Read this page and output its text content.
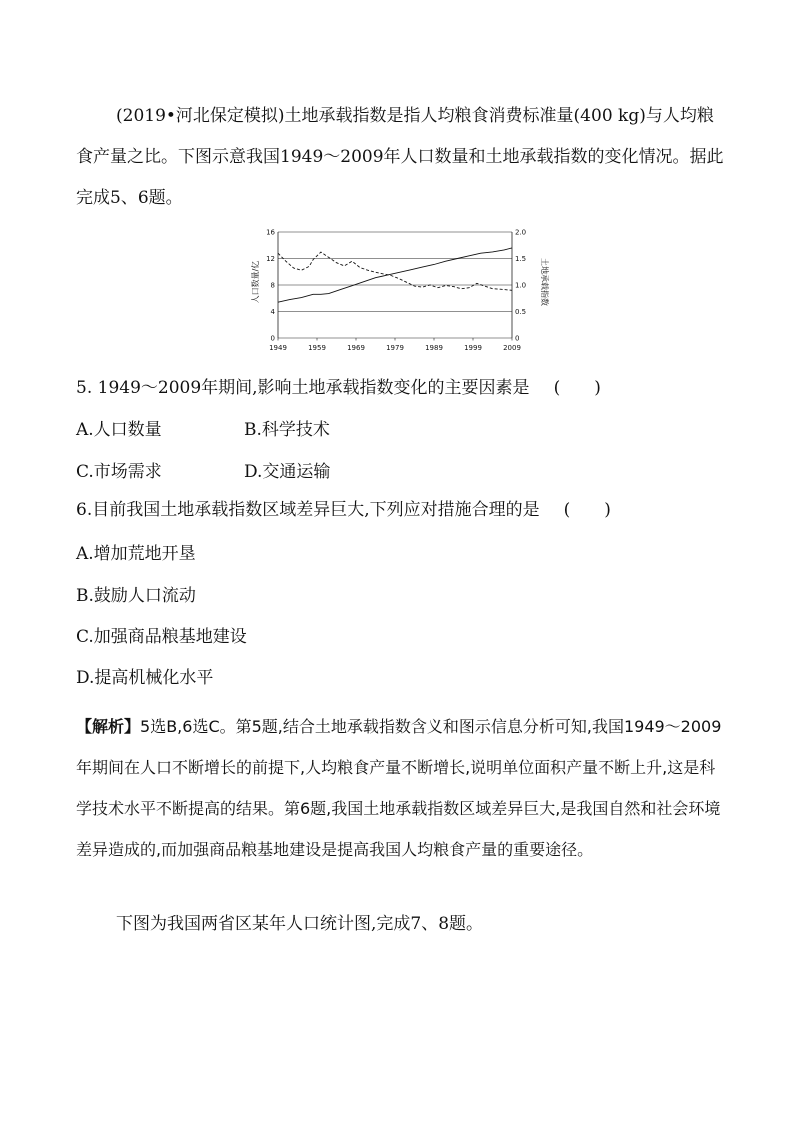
(2019•河北保定模拟)土地承载指数是指人均粮食消费标准量(400 kg)与人均粮食产量之比。下图示意我国1949～2009年人口数量和土地承载指数的变化情况。据此完成5、6题。
0
4
8
12
16
0
0.5
1.0
1.5
2.0
1949	1959	1969	1979	1989	1999	2009
人口数量/亿	土地承载指数
5. 1949～2009年期间,影响土地承载指数变化的主要因素是 (　　)
A.人口数量	B.科学技术
C.市场需求	D.交通运输
6.目前我国土地承载指数区域差异巨大,下列应对措施合理的是 (　　)
A.增加荒地开垦
B.鼓励人口流动
C.加强商品粮基地建设
D.提高机械化水平
【解析】5选B,6选C。第5题,结合土地承载指数含义和图示信息分析可知,我国1949～2009年期间在人口不断增长的前提下,人均粮食产量不断增长,说明单位面积产量不断上升,这是科学技术水平不断提高的结果。第6题,我国土地承载指数区域差异巨大,是我国自然和社会环境差异造成的,而加强商品粮基地建设是提高我国人均粮食产量的重要途径。
下图为我国两省区某年人口统计图,完成7、8题。
